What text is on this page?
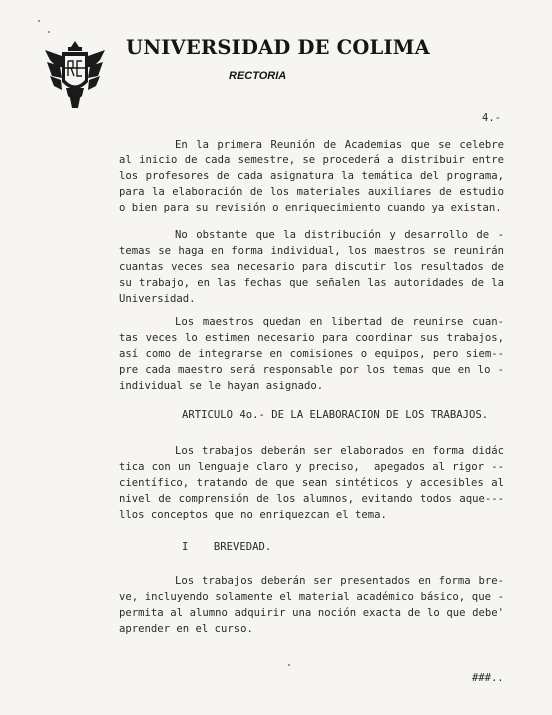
UNIVERSIDAD DE COLIMA
RECTORIA
4.-
En la primera Reunión de Academias que se celebre
al inicio de cada semestre, se procederá a distribuir entre
los profesores de cada asignatura la temática del programa,
para la elaboración de los materiales auxiliares de estudio
o bien para su revisión o enriquecimiento cuando ya existan.
No obstante que la distribución y desarrollo de -
temas se haga en forma individual, los maestros se reunirán
cuantas veces sea necesario para discutir los resultados de
su trabajo, en las fechas que señalen las autoridades de la
Universidad.
Los maestros quedan en libertad de reunirse cuan-
tas veces lo estimen necesario para coordinar sus trabajos,
así como de integrarse en comisiones o equipos, pero siem--
pre cada maestro será responsable por los temas que en lo -
individual se le hayan asignado.
ARTICULO 4o.- DE LA ELABORACION DE LOS TRABAJOS.
Los trabajos deberán ser elaborados en forma didác
tica con un lenguaje claro y preciso,  apegados al rigor --
científico, tratando de que sean sintéticos y accesibles al
nivel de comprensión de los alumnos, evitando todos aque---
llos conceptos que no enriquezcan el tema.
I    BREVEDAD.
Los trabajos deberán ser presentados en forma bre-
ve, incluyendo solamente el material académico básico, que -
permita al alumno adquirir una noción exacta de lo que debe'
aprender en el curso.
###..
